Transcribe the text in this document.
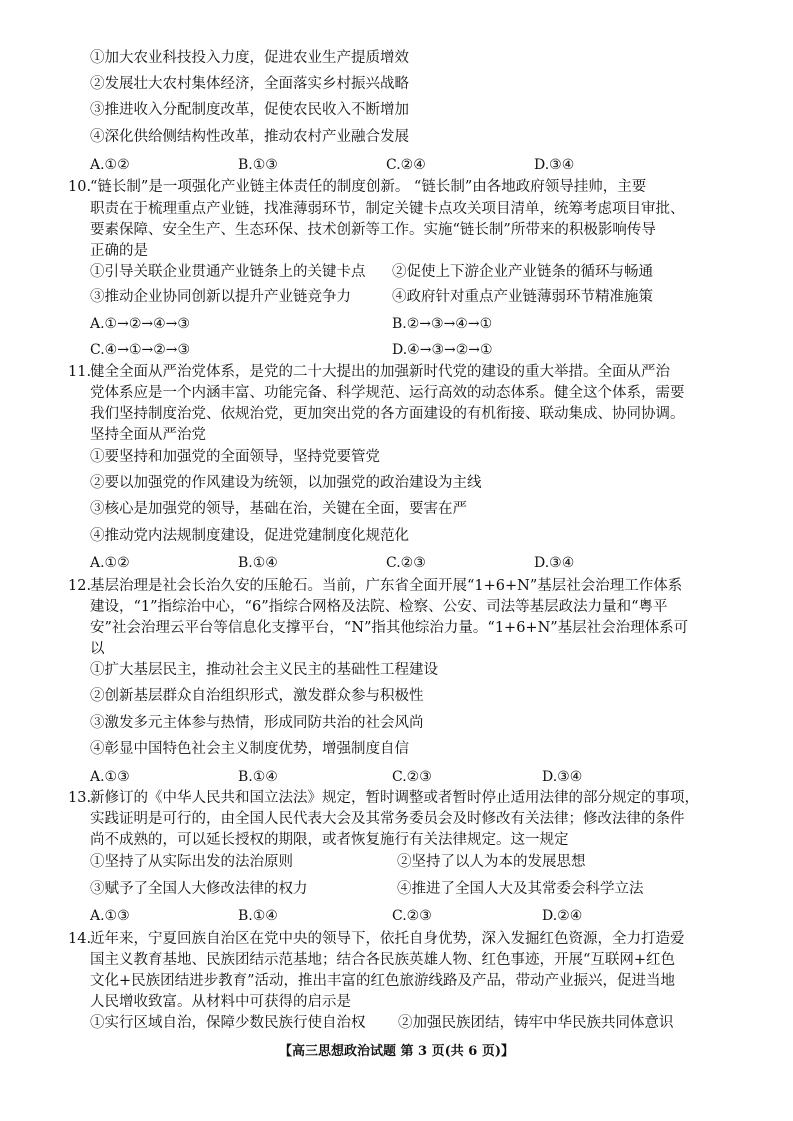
①加大农业科技投入力度，促进农业生产提质增效
②发展壮大农村集体经济，全面落实乡村振兴战略
③推进收入分配制度改革，促使农民收入不断增加
④深化供给侧结构性改革，推动农村产业融合发展
A.①②	B.①③	C.②④	D.③④
10.
“链长制”是一项强化产业链主体责任的制度创新。 “链长制”由各地政府领导挂帅，主要
职责在于梳理重点产业链，找准薄弱环节，制定关键卡点攻关项目清单，统筹考虑项目审批、
要素保障、安全生产、生态环保、技术创新等工作。实施“链长制”所带来的积极影响传导
正确的是
①引导关联企业贯通产业链条上的关键卡点 ②促使上下游企业产业链条的循环与畅通
③推动企业协同创新以提升产业链竞争力	④政府针对重点产业链薄弱环节精准施策
A.①→②→④→③	B.②→③→④→①
C.④→①→②→③	D.④→③→②→①
11.
健全全面从严治党体系，是党的二十大提出的加强新时代党的建设的重大举措。全面从严治
党体系应是一个内涵丰富、功能完备、科学规范、运行高效的动态体系。健全这个体系，需要
我们坚持制度治党、依规治党，更加突出党的各方面建设的有机衔接、联动集成、协同协调。
坚持全面从严治党
①要坚持和加强党的全面领导，坚持党要管党
②要以加强党的作风建设为统领，以加强党的政治建设为主线
③核心是加强党的领导，基础在治，关键在全面，要害在严
④推动党内法规制度建设，促进党建制度化规范化
A.①②	B.①④	C.②③	D.③④
12.
基层治理是社会长治久安的压舱石。当前，广东省全面开展“1+6+N”基层社会治理工作体系
建设，“1”指综治中心，“6”指综合网格及法院、检察、公安、司法等基层政法力量和“粤平
安”社会治理云平台等信息化支撑平台，“N”指其他综治力量。“1+6+N”基层社会治理体系可
以
①扩大基层民主，推动社会主义民主的基础性工程建设
②创新基层群众自治组织形式，激发群众参与积极性
③激发多元主体参与热情，形成同防共治的社会风尚
④彰显中国特色社会主义制度优势，增强制度自信
A.①③	B.①④	C.②③	D.③④
13.
新修订的《中华人民共和国立法法》规定，暂时调整或者暂时停止适用法律的部分规定的事项，
实践证明是可行的，由全国人民代表大会及其常务委员会及时修改有关法律；修改法律的条件
尚不成熟的，可以延长授权的期限，或者恢复施行有关法律规定。这一规定
①坚持了从实际出发的法治原则	②坚持了以人为本的发展思想
③赋予了全国人大修改法律的权力	④推进了全国人大及其常委会科学立法
A.①③	B.①④	C.②③	D.②④
14.
近年来，宁夏回族自治区在党中央的领导下，依托自身优势，深入发掘红色资源，全力打造爱
国主义教育基地、民族团结示范基地；结合各民族英雄人物、红色事迹，开展“互联网+红色
文化+民族团结进步教育”活动，推出丰富的红色旅游线路及产品，带动产业振兴，促进当地
人民增收致富。从材料中可获得的启示是
①实行区域自治，保障少数民族行使自治权 ②加强民族团结，铸牢中华民族共同体意识
【高三思想政治试题 第 3 页(共 6 页)】
